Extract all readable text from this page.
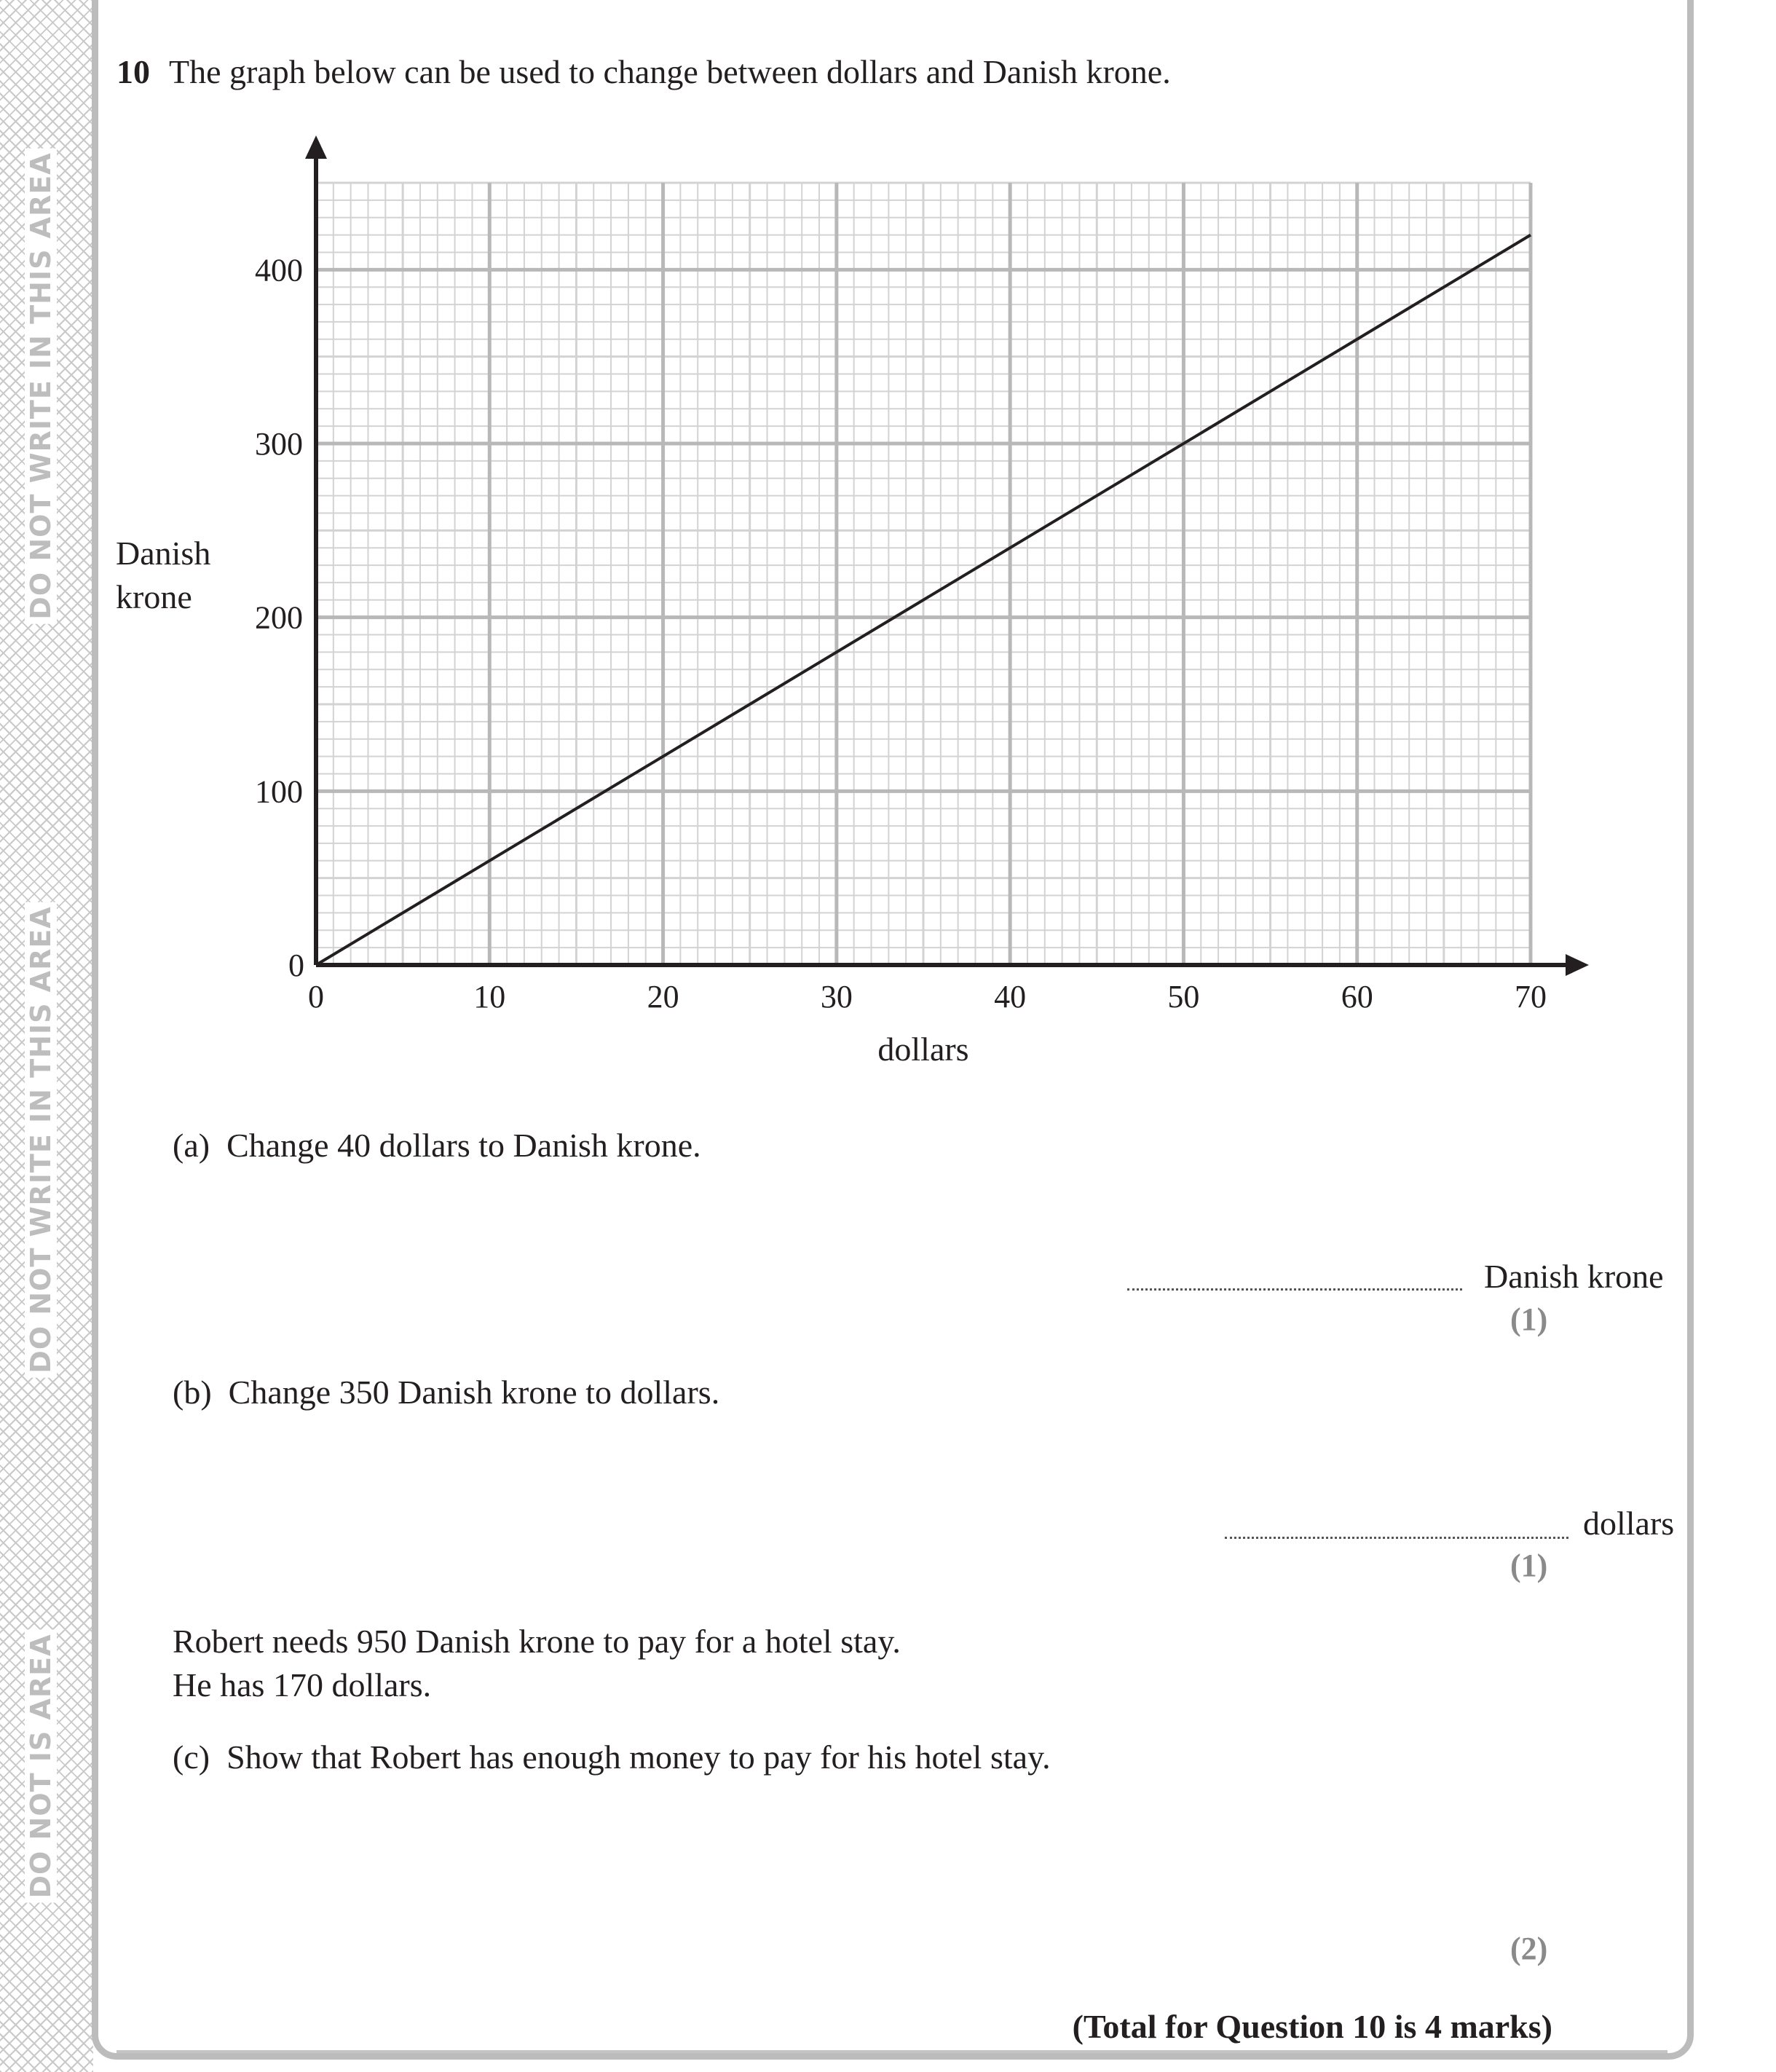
DO NOT WRITE IN THIS AREA
DO NOT WRITE IN THIS AREA
DO NOT IS AREA
10 The graph below can be used to change between dollars and Danish krone.
0	10	20	30	40	50	60	70
0
100
200
300
400
dollars
Danish
krone
(a) Change 40 dollars to Danish krone.
Danish krone
(1)
(b) Change 350 Danish krone to dollars.
dollars
(1)
Robert needs 950 Danish krone to pay for a hotel stay.
He has 170 dollars.
(c) Show that Robert has enough money to pay for his hotel stay.
(2)
(Total for Question 10 is 4 marks)
